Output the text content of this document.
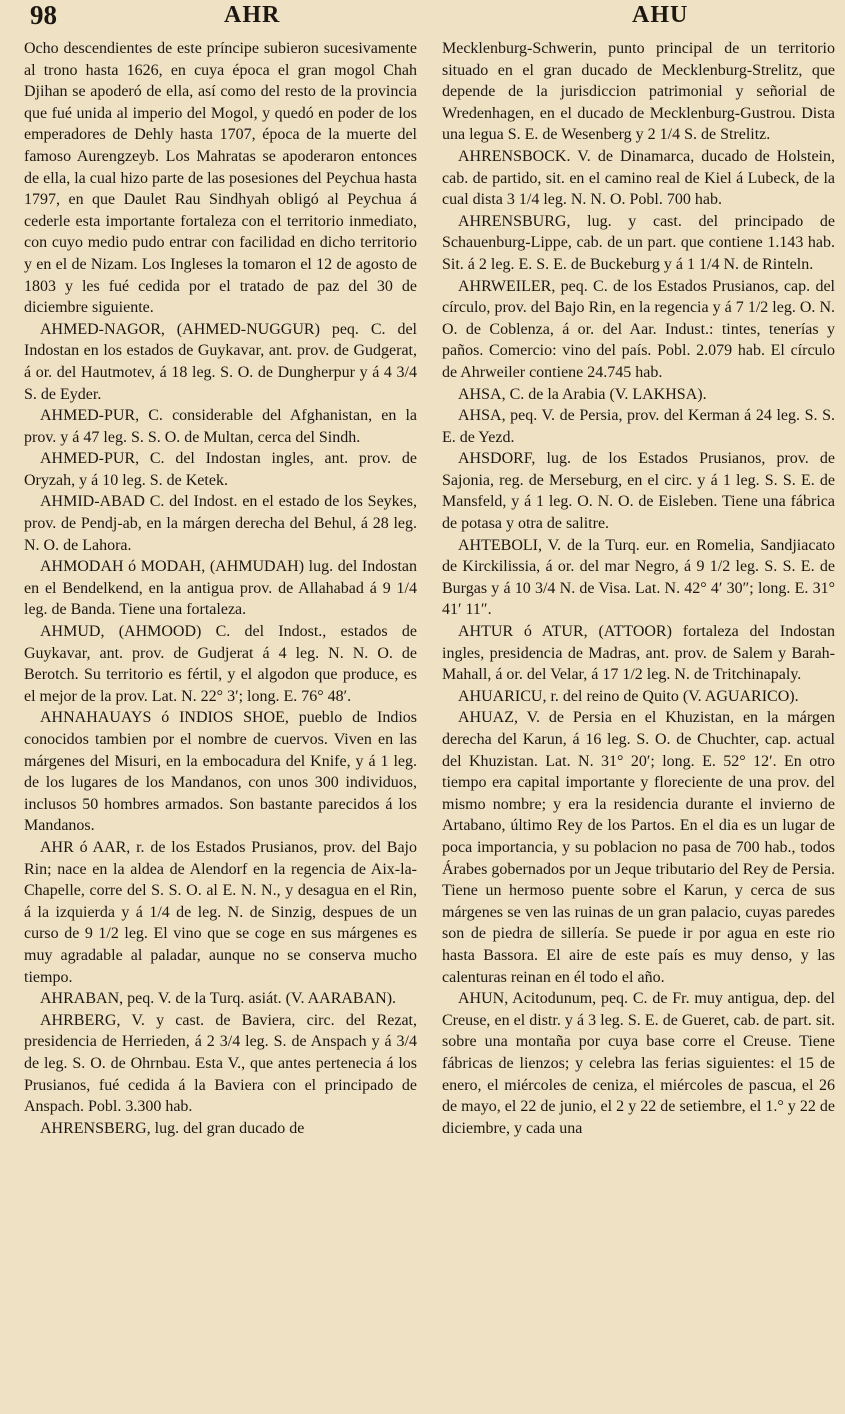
98	AHR	AHU

Ocho descendientes de este príncipe subieron sucesivamente al trono hasta 1626, en cuya época el gran mogol Chah Djihan se apoderó de ella, así como del resto de la provincia que fué unida al imperio del Mogol, y quedó en poder de los emperadores de Dehly hasta 1707, época de la muerte del famoso Aurengzeyb. Los Mahratas se apoderaron entonces de ella, la cual hizo parte de las posesiones del Peychua hasta 1797, en que Daulet Rau Sindhyah obligó al Peychua á cederle esta importante fortaleza con el territorio inmediato, con cuyo medio pudo entrar con facilidad en dicho territorio y en el de Nizam. Los Ingleses la tomaron el 12 de agosto de 1803 y les fué cedida por el tratado de paz del 30 de diciembre siguiente.

AHMED-NAGOR, (AHMED-NUGGUR) peq. C. del Indostan en los estados de Guykavar, ant. prov. de Gudgerat, á or. del Hautmotev, á 18 leg. S. O. de Dungherpur y á 4 3/4 S. de Eyder.

AHMED-PUR, C. considerable del Afghanistan, en la prov. y á 47 leg. S. S. O. de Multan, cerca del Sindh.

AHMED-PUR, C. del Indostan ingles, ant. prov. de Oryzah, y á 10 leg. S. de Ketek.

AHMID-ABAD C. del Indost. en el estado de los Seykes, prov. de Pendj-ab, en la márgen derecha del Behul, á 28 leg. N. O. de Lahora.

AHMODAH ó MODAH, (AHMUDAH) lug. del Indostan en el Bendelkend, en la antigua prov. de Allahabad á 9 1/4 leg. de Banda. Tiene una fortaleza.

AHMUD, (AHMOOD) C. del Indost., estados de Guykavar, ant. prov. de Gudjerat á 4 leg. N. N. O. de Berotch. Su territorio es fértil, y el algodon que produce, es el mejor de la prov. Lat. N. 22° 3′; long. E. 76° 48′.

AHNAHAUAYS ó INDIOS SHOE, pueblo de Indios conocidos tambien por el nombre de cuervos. Viven en las márgenes del Misuri, en la embocadura del Knife, y á 1 leg. de los lugares de los Mandanos, con unos 300 individuos, inclusos 50 hombres armados. Son bastante parecidos á los Mandanos.

AHR ó AAR, r. de los Estados Prusianos, prov. del Bajo Rin; nace en la aldea de Alendorf en la regencia de Aix-la-Chapelle, corre del S. S. O. al E. N. N., y desagua en el Rin, á la izquierda y á 1/4 de leg. N. de Sinzig, despues de un curso de 9 1/2 leg. El vino que se coge en sus márgenes es muy agradable al paladar, aunque no se conserva mucho tiempo.

AHRABAN, peq. V. de la Turq. asiát. (V. AARABAN).

AHRBERG, V. y cast. de Baviera, circ. del Rezat, presidencia de Herrieden, á 2 3/4 leg. S. de Anspach y á 3/4 de leg. S. O. de Ohrnbau. Esta V., que antes pertenecia á los Prusianos, fué cedida á la Baviera con el principado de Anspach. Pobl. 3.300 hab.

AHRENSBERG, lug. del gran ducado de

Mecklenburg-Schwerin, punto principal de un territorio situado en el gran ducado de Mecklenburg-Strelitz, que depende de la jurisdiccion patrimonial y señorial de Wredenhagen, en el ducado de Mecklenburg-Gustrou. Dista una legua S. E. de Wesenberg y 2 1/4 S. de Strelitz.

AHRENSBOCK. V. de Dinamarca, ducado de Holstein, cab. de partido, sit. en el camino real de Kiel á Lubeck, de la cual dista 3 1/4 leg. N. N. O. Pobl. 700 hab.

AHRENSBURG, lug. y cast. del principado de Schauenburg-Lippe, cab. de un part. que contiene 1.143 hab. Sit. á 2 leg. E. S. E. de Buckeburg y á 1 1/4 N. de Rinteln.

AHRWEILER, peq. C. de los Estados Prusianos, cap. del círculo, prov. del Bajo Rin, en la regencia y á 7 1/2 leg. O. N. O. de Coblenza, á or. del Aar. Indust.: tintes, tenerías y paños. Comercio: vino del país. Pobl. 2.079 hab. El círculo de Ahrweiler contiene 24.745 hab.

AHSA, C. de la Arabia (V. LAKHSA).

AHSA, peq. V. de Persia, prov. del Kerman á 24 leg. S. S. E. de Yezd.

AHSDORF, lug. de los Estados Prusianos, prov. de Sajonia, reg. de Merseburg, en el circ. y á 1 leg. S. S. E. de Mansfeld, y á 1 leg. O. N. O. de Eisleben. Tiene una fábrica de potasa y otra de salitre.

AHTEBOLI, V. de la Turq. eur. en Romelia, Sandjiacato de Kirckilissia, á or. del mar Negro, á 9 1/2 leg. S. S. E. de Burgas y á 10 3/4 N. de Visa. Lat. N. 42° 4′ 30″; long. E. 31° 41′ 11″.

AHTUR ó ATUR, (ATTOOR) fortaleza del Indostan ingles, presidencia de Madras, ant. prov. de Salem y Barah-Mahall, á or. del Velar, á 17 1/2 leg. N. de Tritchinapaly.

AHUARICU, r. del reino de Quito (V. AGUARICO).

AHUAZ, V. de Persia en el Khuzistan, en la márgen derecha del Karun, á 16 leg. S. O. de Chuchter, cap. actual del Khuzistan. Lat. N. 31° 20′; long. E. 52° 12′. En otro tiempo era capital importante y floreciente de una prov. del mismo nombre; y era la residencia durante el invierno de Artabano, último Rey de los Partos. En el dia es un lugar de poca importancia, y su poblacion no pasa de 700 hab., todos Árabes gobernados por un Jeque tributario del Rey de Persia. Tiene un hermoso puente sobre el Karun, y cerca de sus márgenes se ven las ruinas de un gran palacio, cuyas paredes son de piedra de sillería. Se puede ir por agua en este rio hasta Bassora. El aire de este país es muy denso, y las calenturas reinan en él todo el año.

AHUN, Acitodunum, peq. C. de Fr. muy antigua, dep. del Creuse, en el distr. y á 3 leg. S. E. de Gueret, cab. de part. sit. sobre una montaña por cuya base corre el Creuse. Tiene fábricas de lienzos; y celebra las ferias siguientes: el 15 de enero, el miércoles de ceniza, el miércoles de pascua, el 26 de mayo, el 22 de junio, el 2 y 22 de setiembre, el 1.° y 22 de diciembre, y cada una
